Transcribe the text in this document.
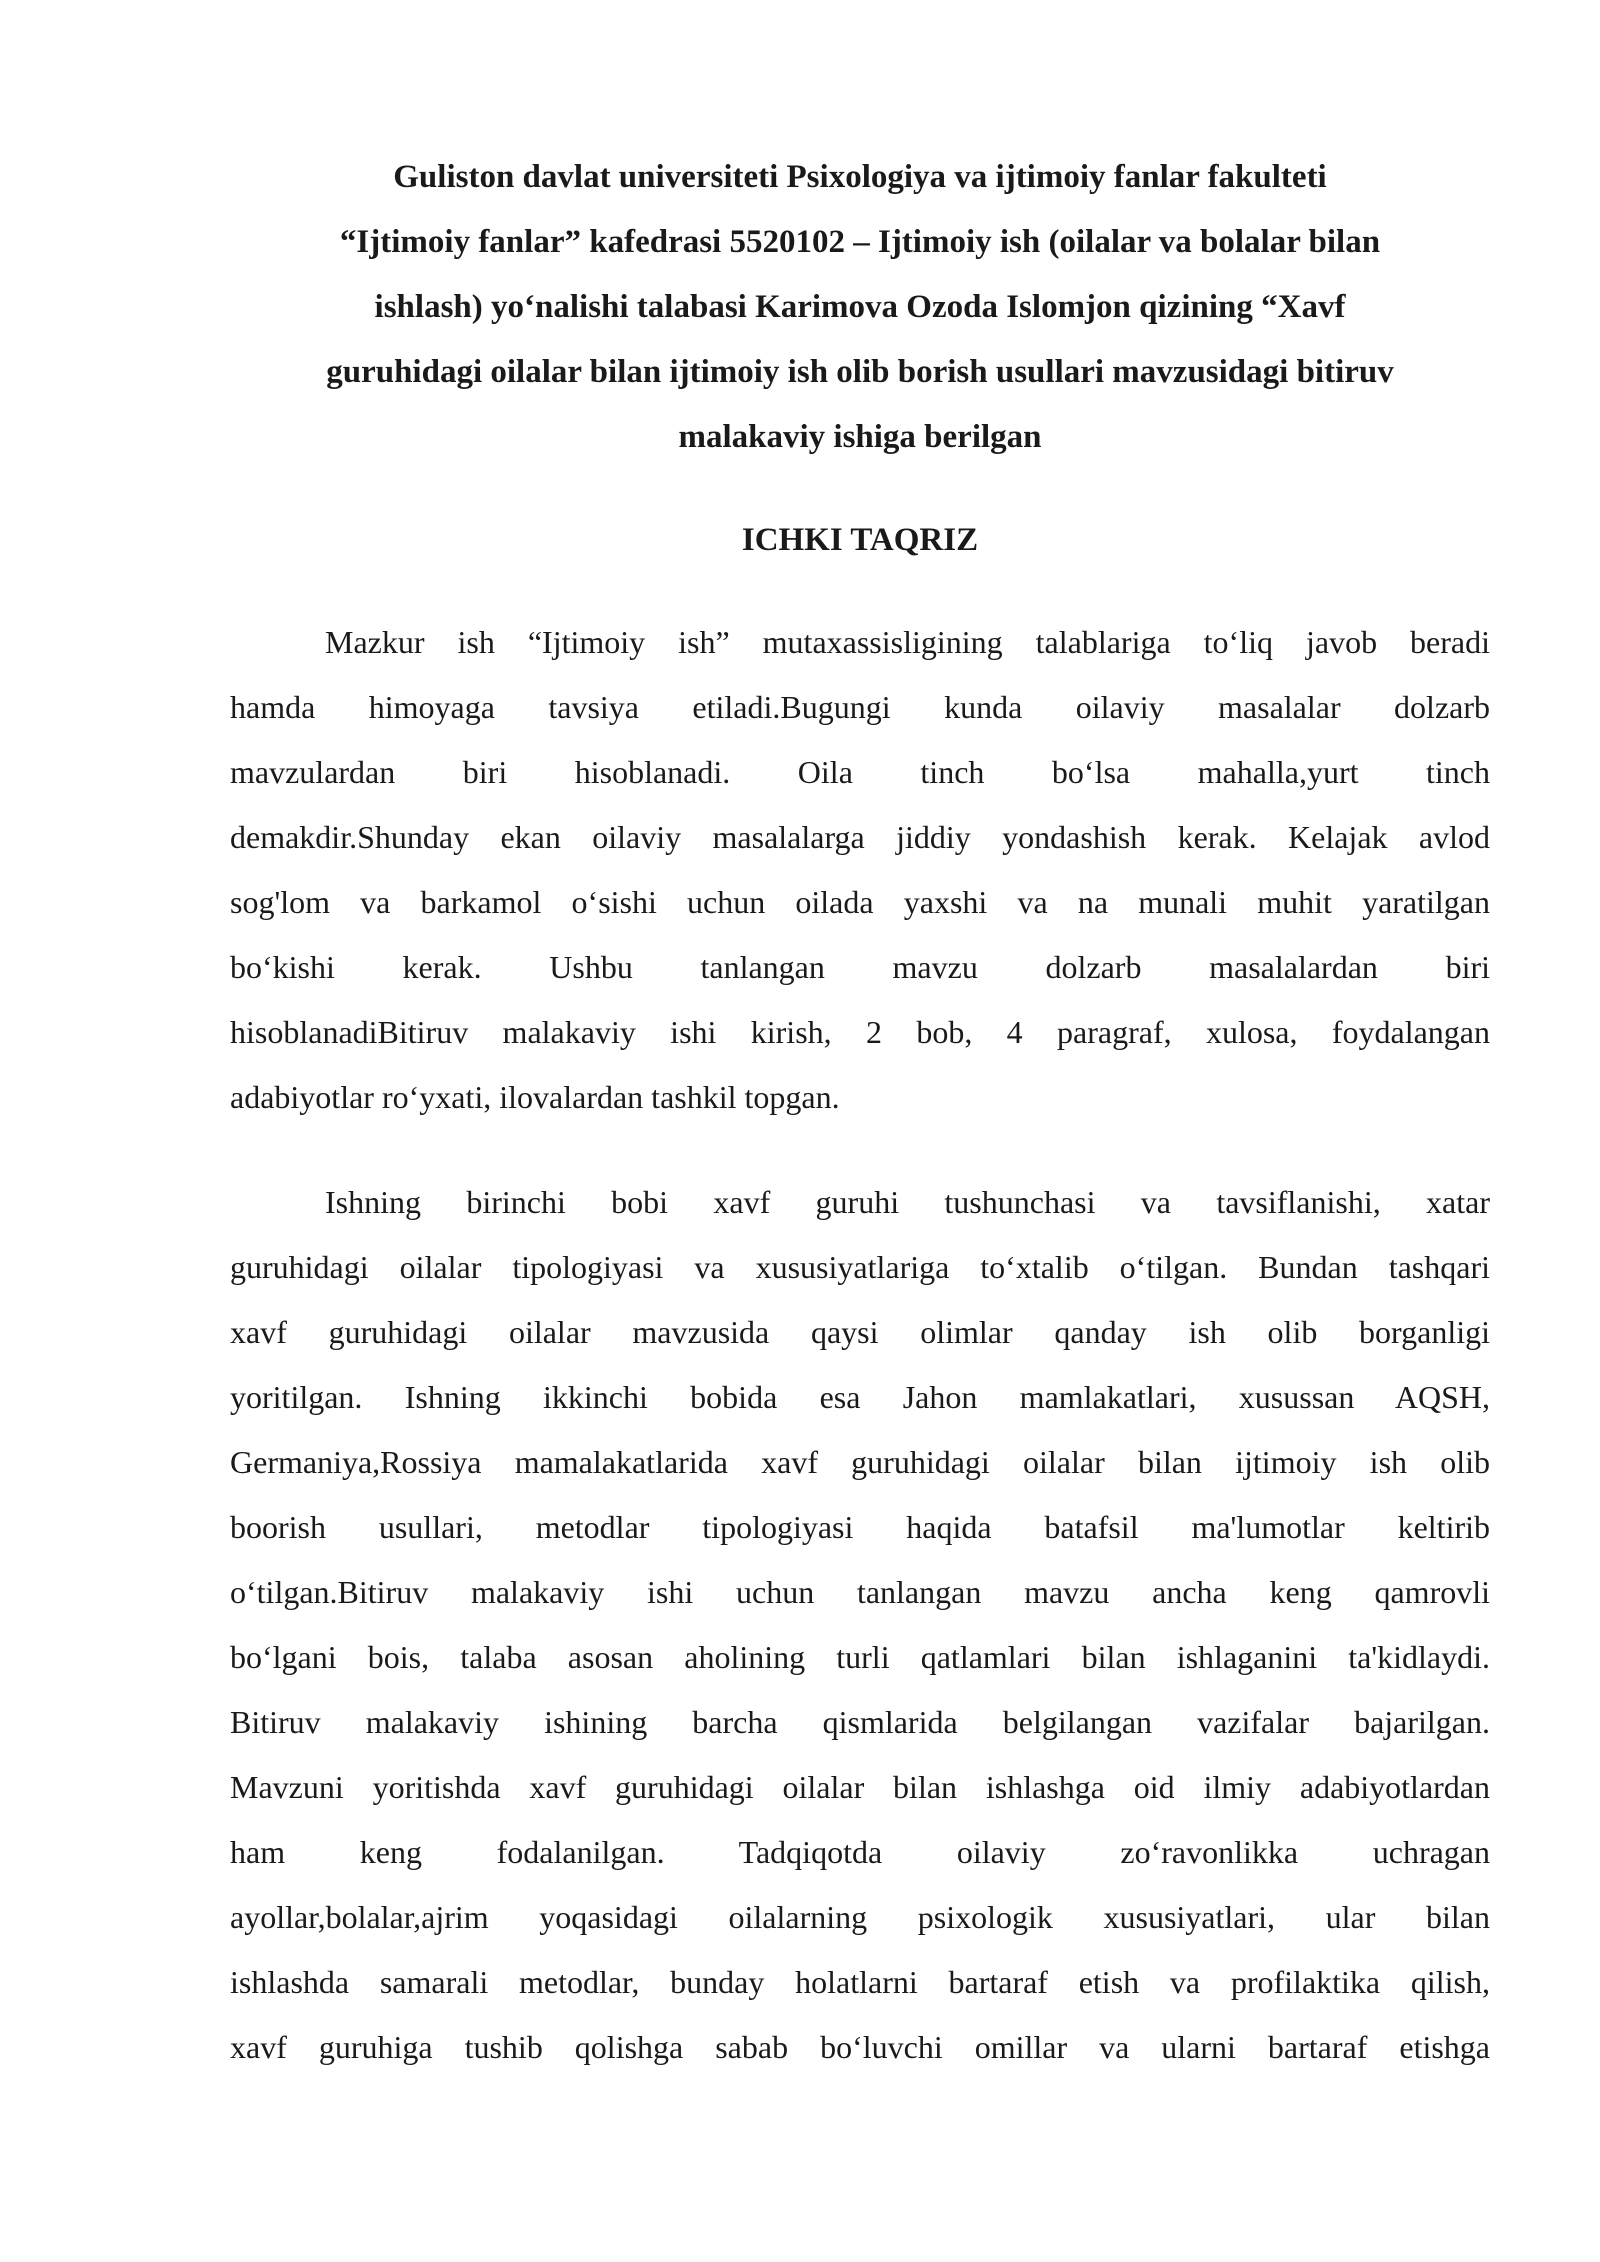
Guliston davlat universiteti Psixologiya va ijtimoiy fanlar fakulteti
“Ijtimoiy fanlar” kafedrasi 5520102 – Ijtimoiy ish (oilalar va bolalar bilan
ishlash) yoʻnalishi talabasi Karimova Ozoda Islomjon qizining “Xavf
guruhidagi oilalar bilan ijtimoiy ish olib borish usullari mavzusidagi bitiruv
malakaviy ishiga berilgan
ICHKI TAQRIZ
Mazkur ish “Ijtimoiy ish” mutaxassisligining talablariga toʻliq javob beradi
hamda himoyaga tavsiya etiladi.Bugungi kunda oilaviy masalalar dolzarb
mavzulardan biri hisoblanadi. Oila tinch boʻlsa mahalla,yurt tinch
demakdir.Shunday ekan oilaviy masalalarga jiddiy yondashish kerak. Kelajak avlod
sog'lom va barkamol oʻsishi uchun oilada yaxshi va na munali muhit yaratilgan
boʻkishi kerak. Ushbu tanlangan mavzu dolzarb masalalardan biri
hisoblanadiBitiruv malakaviy ishi kirish, 2 bob, 4 paragraf, xulosa, foydalangan
adabiyotlar roʻyxati, ilovalardan tashkil topgan.
Ishning birinchi bobi xavf guruhi tushunchasi va tavsiflanishi, xatar
guruhidagi oilalar tipologiyasi va xususiyatlariga toʻxtalib oʻtilgan. Bundan tashqari
xavf guruhidagi oilalar mavzusida qaysi olimlar qanday ish olib borganligi
yoritilgan. Ishning ikkinchi bobida esa Jahon mamlakatlari, xusussan AQSH,
Germaniya,Rossiya mamalakatlarida xavf guruhidagi oilalar bilan ijtimoiy ish olib
boorish usullari, metodlar tipologiyasi haqida batafsil ma'lumotlar keltirib
oʻtilgan.Bitiruv malakaviy ishi uchun tanlangan mavzu ancha keng qamrovli
boʻlgani bois, talaba asosan aholining turli qatlamlari bilan ishlaganini ta'kidlaydi.
Bitiruv malakaviy ishining barcha qismlarida belgilangan vazifalar bajarilgan.
Mavzuni yoritishda xavf guruhidagi oilalar bilan ishlashga oid ilmiy adabiyotlardan
ham keng fodalanilgan. Tadqiqotda oilaviy zoʻravonlikka uchragan
ayollar,bolalar,ajrim yoqasidagi oilalarning psixologik xususiyatlari, ular bilan
ishlashda samarali metodlar, bunday holatlarni bartaraf etish va profilaktika qilish,
xavf guruhiga tushib qolishga sabab boʻluvchi omillar va ularni bartaraf etishga
